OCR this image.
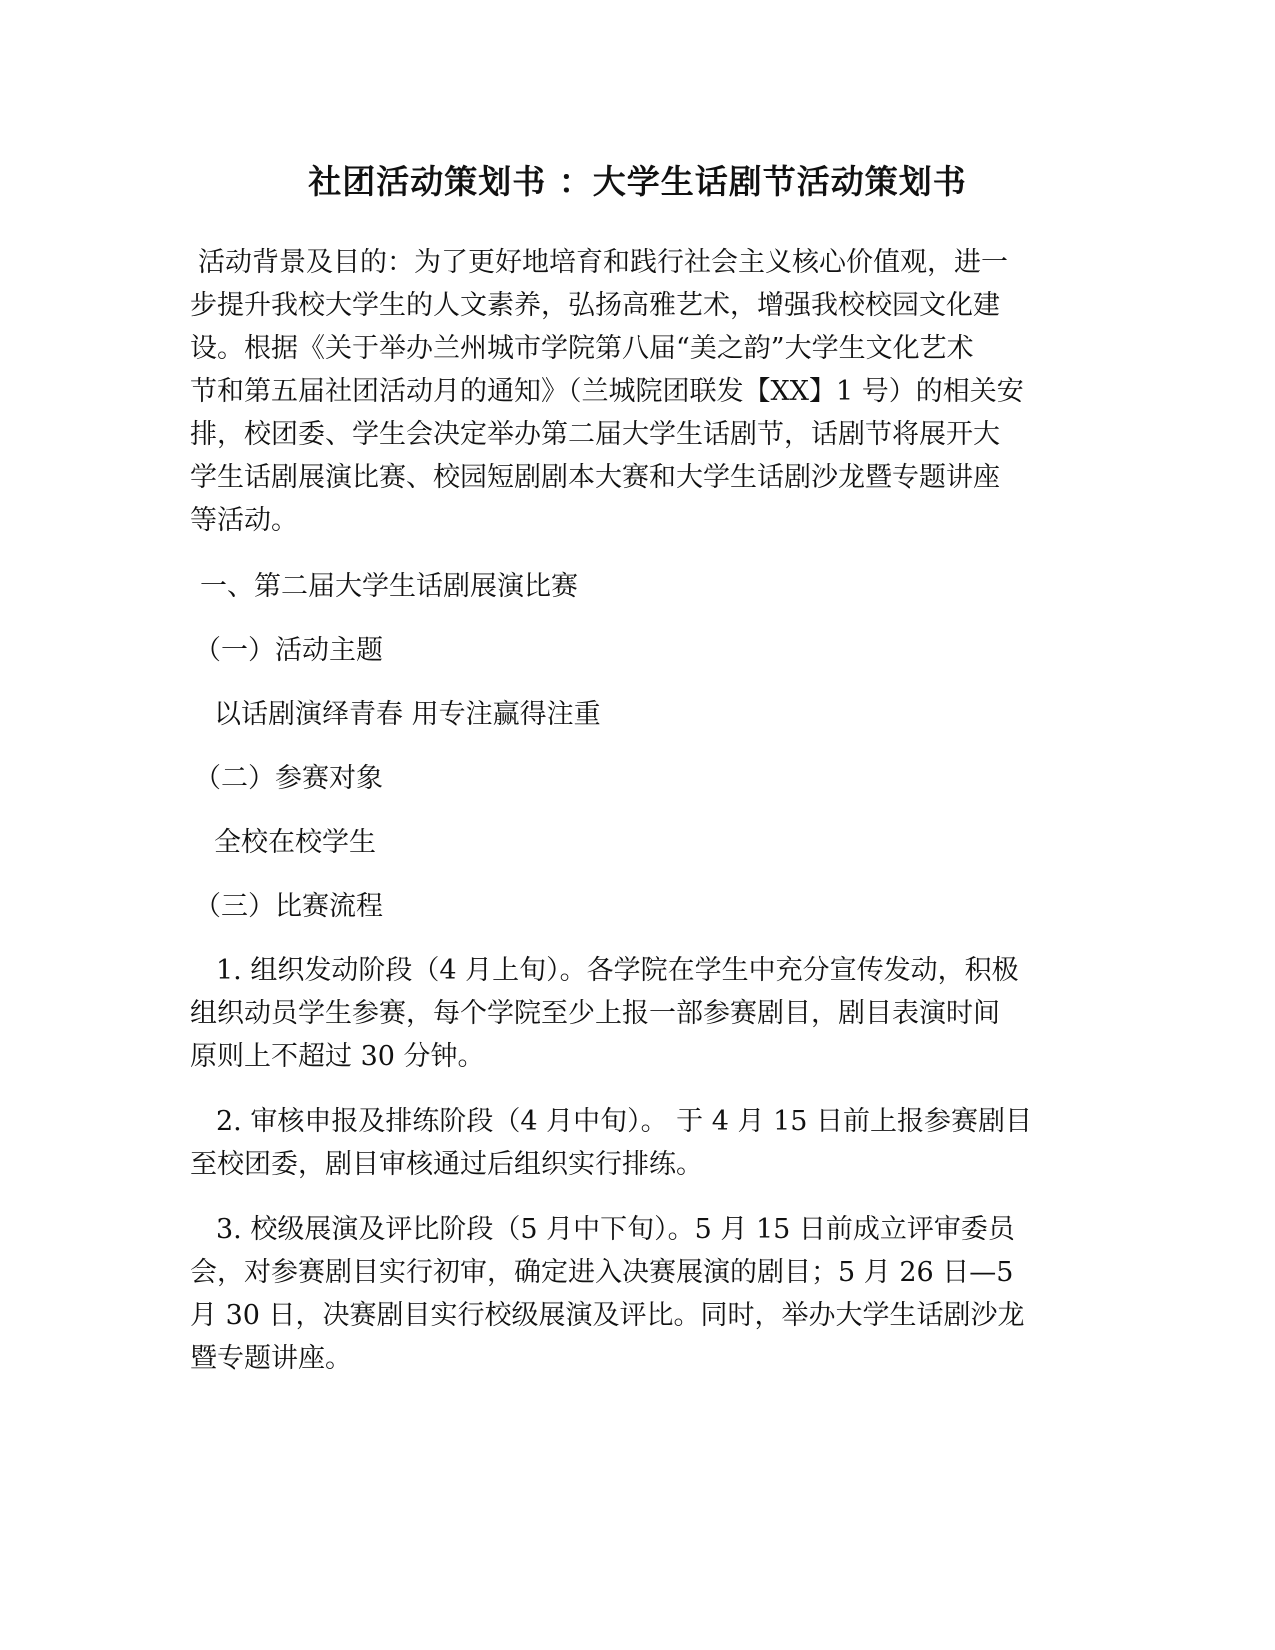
社团活动策划书 ：大学生话剧节活动策划书

活动背景及目的：为了更好地培育和践行社会主义核心价值观，进一
步提升我校大学生的人文素养，弘扬高雅艺术，增强我校校园文化建
设。根据《关于举办兰州城市学院第八届“美之韵”大学生文化艺术
节和第五届社团活动月的通知》（兰城院团联发【XX】1 号）的相关安
排，校团委、学生会决定举办第二届大学生话剧节，话剧节将展开大
学生话剧展演比赛、校园短剧剧本大赛和大学生话剧沙龙暨专题讲座
等活动。

一、第二届大学生话剧展演比赛

（一）活动主题

以话剧演绎青春 用专注赢得注重

（二）参赛对象

全校在校学生

（三）比赛流程

1. 组织发动阶段（4 月上旬）。各学院在学生中充分宣传发动，积极
组织动员学生参赛，每个学院至少上报一部参赛剧目，剧目表演时间
原则上不超过 30 分钟。

2. 审核申报及排练阶段（4 月中旬）。 于 4 月 15 日前上报参赛剧目
至校团委，剧目审核通过后组织实行排练。

3. 校级展演及评比阶段（5 月中下旬）。5 月 15 日前成立评审委员
会，对参赛剧目实行初审，确定进入决赛展演的剧目；5 月 26 日—5
月 30 日，决赛剧目实行校级展演及评比。同时，举办大学生话剧沙龙
暨专题讲座。
